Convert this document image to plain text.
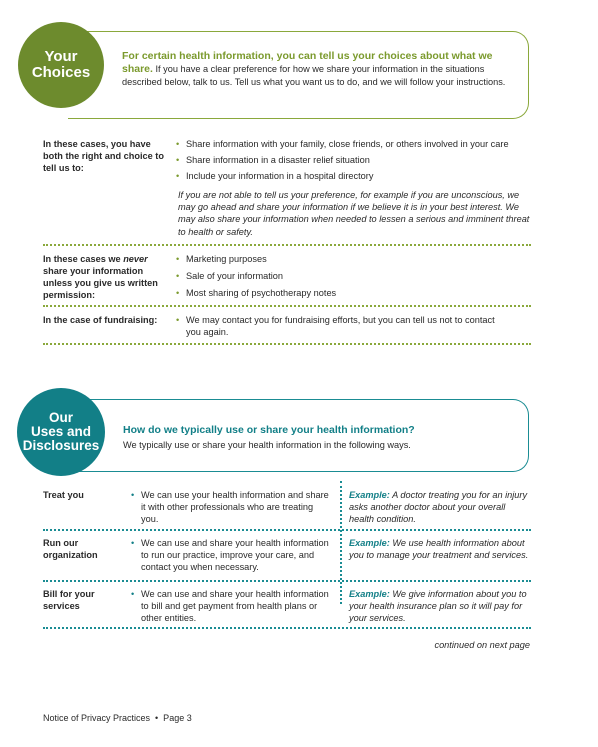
Your
Choices
For certain health information, you can tell us your choices about what we share. If you have a clear preference for how we share your information in the situations described below, talk to us. Tell us what you want us to do, and we will follow your instructions.
In these cases, you have both the right and choice to tell us to:
• Share information with your family, close friends, or others involved in your care
• Share information in a disaster relief situation
• Include your information in a hospital directory
If you are not able to tell us your preference, for example if you are unconscious, we may go ahead and share your information if we believe it is in your best interest. We may also share your information when needed to lessen a serious and imminent threat to health or safety.
In these cases we never share your information unless you give us written permission:
• Marketing purposes
• Sale of your information
• Most sharing of psychotherapy notes
In the case of fundraising:	• We may contact you for fundraising efforts, but you can tell us not to contact you again.
Our
Uses and
Disclosures
How do we typically use or share your health information?
We typically use or share your health information in the following ways.
Treat you	• We can use your health information and share it with other professionals who are treating you.
Example: A doctor treating you for an injury asks another doctor about your overall health condition.
Run our organization
• We can use and share your health information to run our practice, improve your care, and contact you when necessary.
Example: We use health information about you to manage your treatment and services.
Bill for your services
• We can use and share your health information to bill and get payment from health plans or other entities.
Example: We give information about you to your health insurance plan so it will pay for your services.
continued on next page
Notice of Privacy Practices  •  Page 3
